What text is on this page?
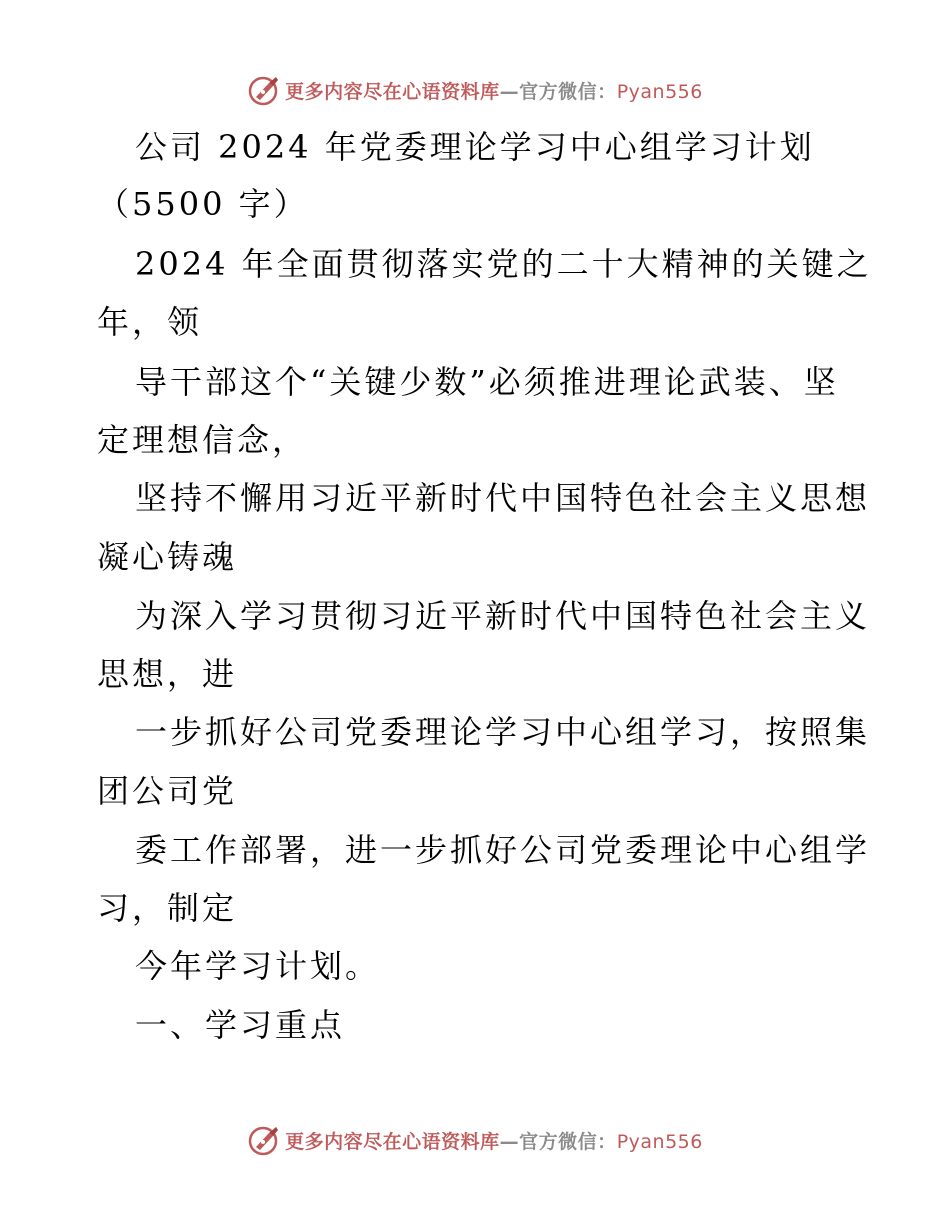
更多内容尽在心语资料库—官方微信：Pyan556
公司 2024 年党委理论学习中心组学习计划
（5500 字）
2024 年全面贯彻落实党的二十大精神的关键之
年，领
导干部这个“关键少数”必须推进理论武装、坚
定理想信念，
坚持不懈用习近平新时代中国特色社会主义思想
凝心铸魂
为深入学习贯彻习近平新时代中国特色社会主义
思想，进
一步抓好公司党委理论学习中心组学习，按照集
团公司党
委工作部署，进一步抓好公司党委理论中心组学
习，制定
今年学习计划。
一、学习重点
更多内容尽在心语资料库—官方微信：Pyan556
